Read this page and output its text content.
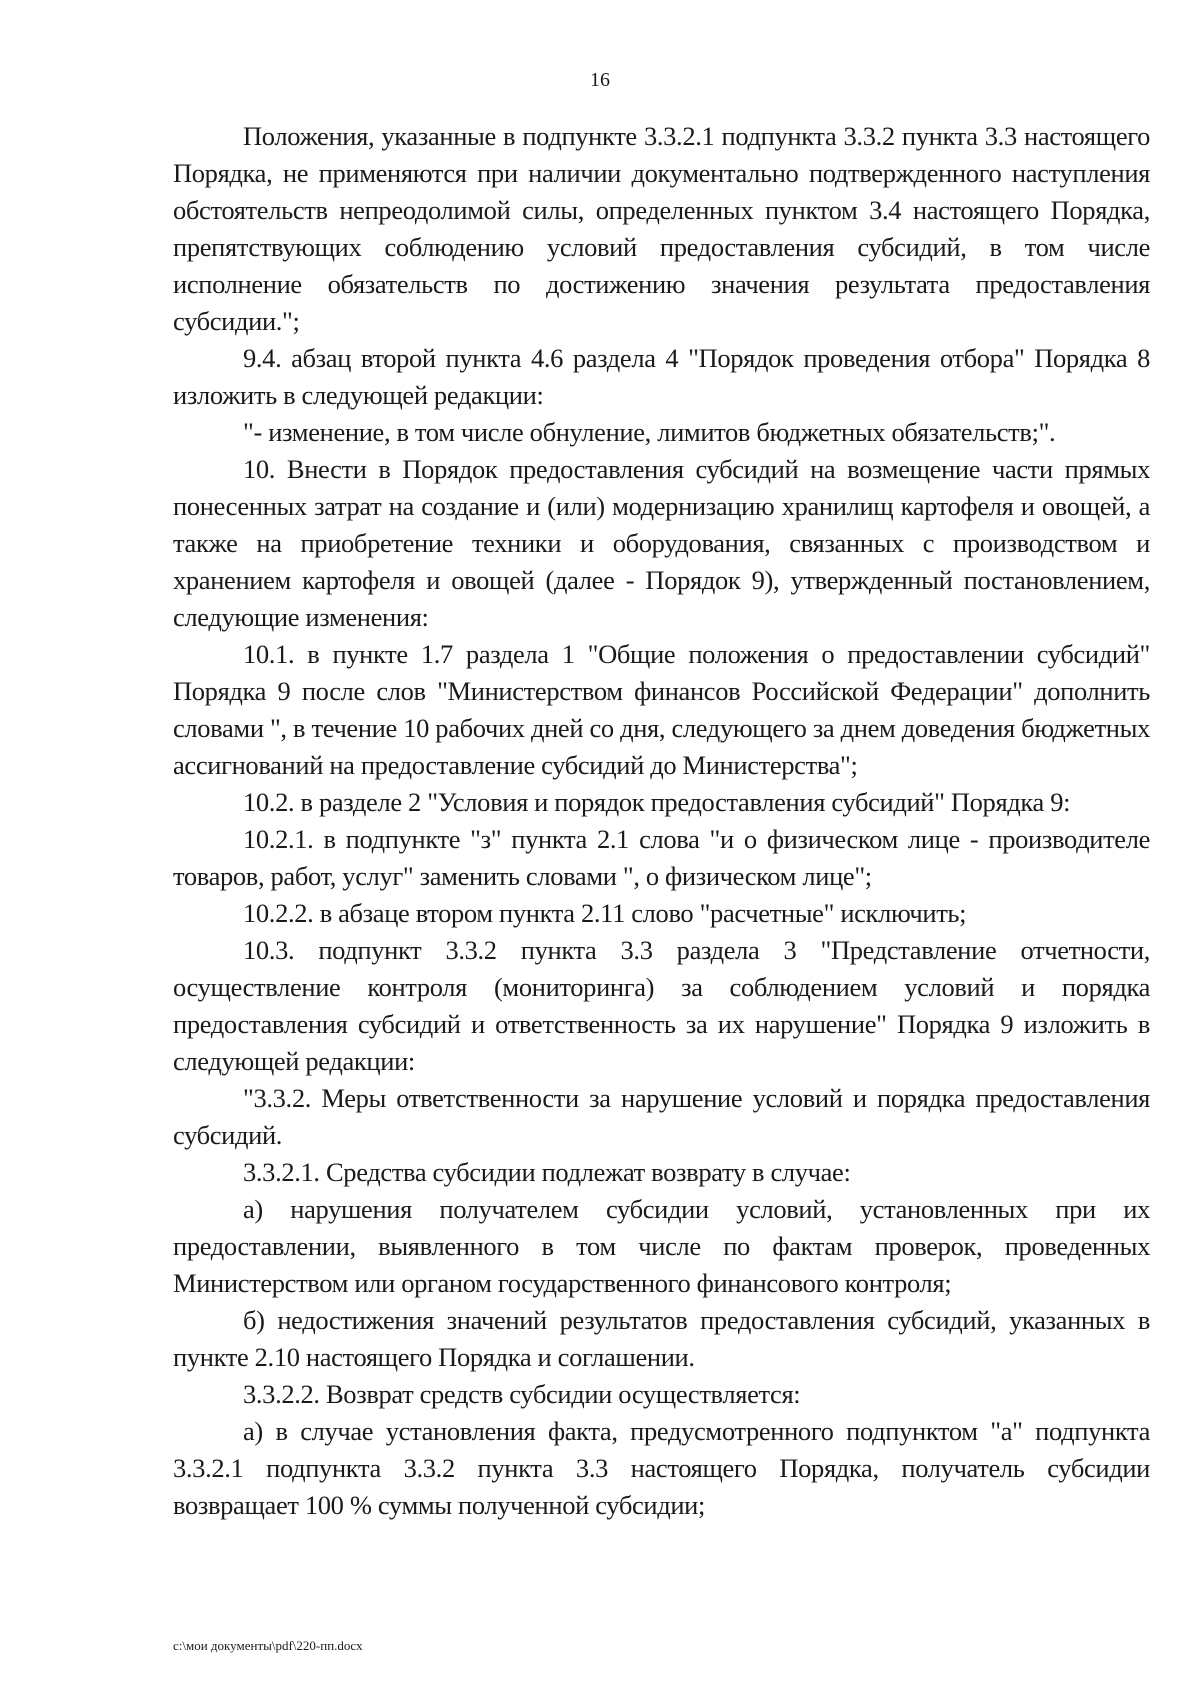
16

Положения, указанные в подпункте 3.3.2.1 подпункта 3.3.2 пункта 3.3 настоящего Порядка, не применяются при наличии документально подтвержденного наступления обстоятельств непреодолимой силы, определенных пунктом 3.4 настоящего Порядка, препятствующих соблюдению условий предоставления субсидий, в том числе исполнение обязательств по достижению значения результата предоставления субсидии.";

9.4. абзац второй пункта 4.6 раздела 4 "Порядок проведения отбора" Порядка 8 изложить в следующей редакции:

"- изменение, в том числе обнуление, лимитов бюджетных обязательств;".

10. Внести в Порядок предоставления субсидий на возмещение части прямых понесенных затрат на создание и (или) модернизацию хранилищ картофеля и овощей, а также на приобретение техники и оборудования, связанных с производством и хранением картофеля и овощей (далее - Порядок 9), утвержденный постановлением, следующие изменения:

10.1. в пункте 1.7 раздела 1 "Общие положения о предоставлении субсидий" Порядка 9 после слов "Министерством финансов Российской Федерации" дополнить словами ", в течение 10 рабочих дней со дня, следующего за днем доведения бюджетных ассигнований на предоставление субсидий до Министерства";

10.2. в разделе 2 "Условия и порядок предоставления субсидий" Порядка 9:

10.2.1. в подпункте "з" пункта 2.1 слова "и о физическом лице - производителе товаров, работ, услуг" заменить словами ", о физическом лице";

10.2.2. в абзаце втором пункта 2.11 слово "расчетные" исключить;

10.3. подпункт 3.3.2 пункта 3.3 раздела 3 "Представление отчетности, осуществление контроля (мониторинга) за соблюдением условий и порядка предоставления субсидий и ответственность за их нарушение" Порядка 9 изложить в следующей редакции:

"3.3.2. Меры ответственности за нарушение условий и порядка предоставления субсидий.

3.3.2.1. Средства субсидии подлежат возврату в случае:

а) нарушения получателем субсидии условий, установленных при их предоставлении, выявленного в том числе по фактам проверок, проведенных Министерством или органом государственного финансового контроля;

б) недостижения значений результатов предоставления субсидий, указанных в пункте 2.10 настоящего Порядка и соглашении.

3.3.2.2. Возврат средств субсидии осуществляется:

а) в случае установления факта, предусмотренного подпунктом "а" подпункта 3.3.2.1 подпункта 3.3.2 пункта 3.3 настоящего Порядка, получатель субсидии возвращает 100 % суммы полученной субсидии;

c:\мои документы\pdf\220-пп.docx
